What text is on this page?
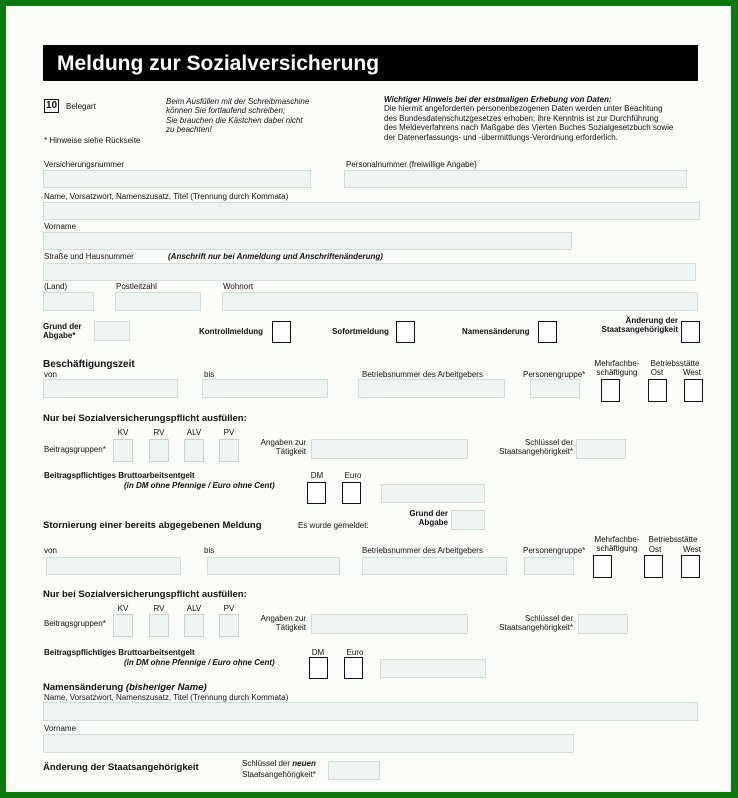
Meldung zur Sozialversicherung
10 Belegart
* Hinweise siehe Rückseite
Beim Ausfüllen mit der Schreibmaschine
können Sie fortlaufend schreiben;
Sie brauchen die Kästchen dabei nicht
zu beachten!
Wichtiger Hinweis bei der erstmaligen Erhebung von Daten:
Die hiermit angeforderten personenbezogenen Daten werden unter Beachtung
des Bundesdatenschutzgesetzes erhoben; ihre Kenntnis ist zur Durchführung
des Meldeverfahrens nach Maßgabe des Vierten Buches Sozialgesetzbuch sowie
der Datenerfassungs- und -übermittlungs-Verordnung erforderlich.
Versicherungsnummer	Personalnummer (freiwillige Angabe)
Name, Vorsatzwort, Namenszusatz, Titel (Trennung durch Kommata)
Vorname
Straße und Hausnummer	(Anschrift nur bei Anmeldung und Anschriftenänderung)
(Land)	Postleitzahl	Wohnort
Grund der
Abgabe*	Kontrollmeldung	Sofortmeldung	Namensänderung
Änderung der
Staatsangehörigkeit
Beschäftigungszeit
von	bis	Betriebsnummer des Arbeitgebers	Personengruppe*
Mehrfachbe-
schäftigung
Betriebsstätte
Ost	West
Nur bei Sozialversicherungspflicht ausfüllen:
KV	RV	ALV	PV
Beitragsgruppen*
Angaben zur
Tätigkeit
Schlüssel der
Staatsangehörigkeit*
Beitragspflichtiges Bruttoarbeitsentgelt
(in DM ohne Pfennige / Euro ohne Cent)
DM	Euro
Stornierung einer bereits abgegebenen Meldung	Es wurde gemeldet:
Grund der
Abgabe
von	bis	Betriebsnummer des Arbeitgebers	Personengruppe*
Mehrfachbe-
schäftigung
Betriebsstätte
Ost	West
Nur bei Sozialversicherungspflicht ausfüllen:
KV	RV	ALV	PV
Beitragsgruppen*
Angaben zur
Tätigkeit
Schlüssel der
Staatsangehörigkeit*
Beitragspflichtiges Bruttoarbeitsentgelt
(in DM ohne Pfennige / Euro ohne Cent)
DM	Euro
Namensänderung (bisheriger Name)
Name, Vorsatzwort, Namenszusatz, Titel (Trennung durch Kommata)
Vorname
Änderung der Staatsangehörigkeit	Schlüssel der neuen
Staatsangehörigkeit*
